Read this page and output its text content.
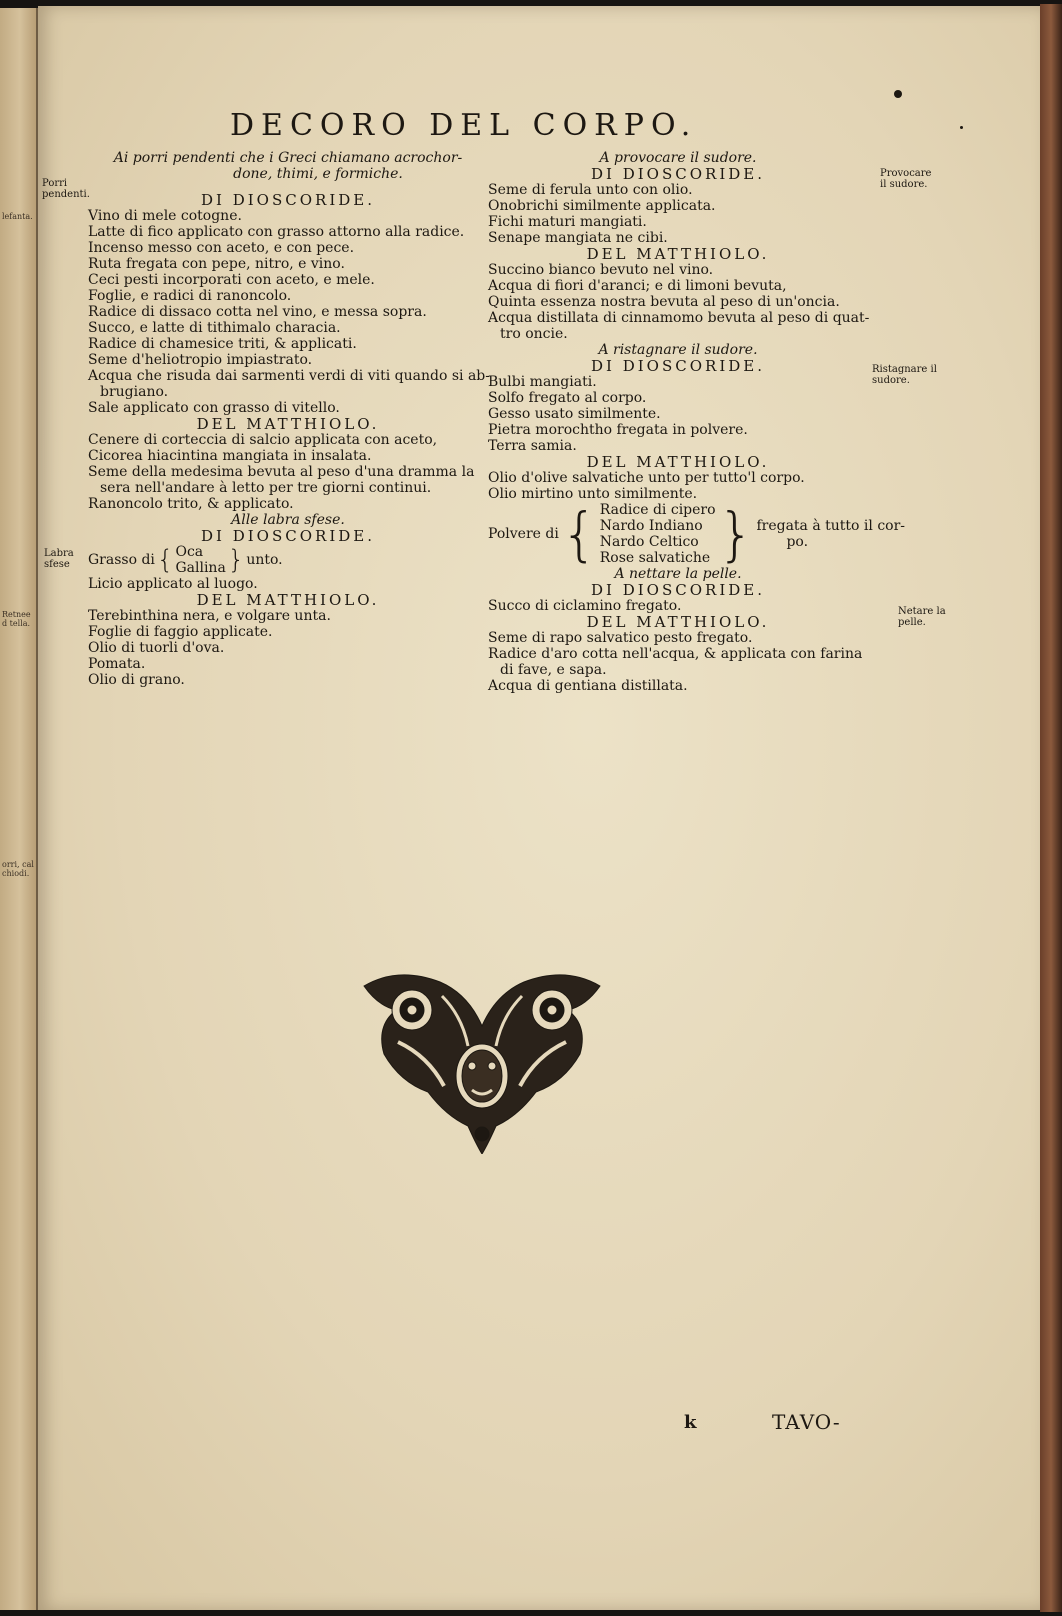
lefanta.
Retnee d tella.
orri, cal chiodi.
DECORO DEL CORPO.
Ai porri pendenti che i Greci chiamano acrochor-
done, thimi, e formiche.
DI DIOSCORIDE.
Vino di mele cotogne.
Latte di fico applicato con grasso attorno alla radice.
Incenso messo con aceto, e con pece.
Ruta fregata con pepe, nitro, e vino.
Ceci pesti incorporati con aceto, e mele.
Foglie, e radici di ranoncolo.
Radice di dissaco cotta nel vino, e messa sopra.
Succo, e latte di tithimalo characia.
Radice di chamesice triti, & applicati.
Seme d'heliotropio impiastrato.
Acqua che risuda dai sarmenti verdi di viti quando si ab-
brugiano.
Sale applicato con grasso di vitello.
DEL MATTHIOLO.
Cenere di corteccia di salcio applicata con aceto,
Cicorea hiacintina mangiata in insalata.
Seme della medesima bevuta al peso d'una dramma la
sera nell'andare à letto per tre giorni continui.
Ranoncolo trito, & applicato.
Alle labra sfese.
DI DIOSCORIDE.
Grasso di { Oca
Gallina } unto.
Licio applicato al luogo.
DEL MATTHIOLO.
Terebinthina nera, e volgare unta.
Foglie di faggio applicate.
Olio di tuorli d'ova.
Pomata.
Olio di grano.
A provocare il sudore.
DI DIOSCORIDE.
Seme di ferula unto con olio.
Onobrichi similmente applicata.
Fichi maturi mangiati.
Senape mangiata ne cibi.
DEL MATTHIOLO.
Succino bianco bevuto nel vino.
Acqua di fiori d'aranci; e di limoni bevuta,
Quinta essenza nostra bevuta al peso di un'oncia.
Acqua distillata di cinnamomo bevuta al peso di quat-
tro oncie.
A ristagnare il sudore.
DI DIOSCORIDE.
Bulbi mangiati.
Solfo fregato al corpo.
Gesso usato similmente.
Pietra morochtho fregata in polvere.
Terra samia.
DEL MATTHIOLO.
Olio d'olive salvatiche unto per tutto'l corpo.
Olio mirtino unto similmente.
Polvere di { Radice di cipero
Nardo Indiano
Nardo Celtico
Rose salvatiche } fregata à tutto il cor-
po.
A nettare la pelle.
DI DIOSCORIDE.
Succo di ciclamino fregato.
DEL MATTHIOLO.
Seme di rapo salvatico pesto fregato.
Radice d'aro cotta nell'acqua, & applicata con farina
di fave, e sapa.
Acqua di gentiana distillata.
Porri pendenti.
Labra sfese
Provocare il sudore.
Ristagnare il sudore.
Netare la pelle.
k	TAVO-
